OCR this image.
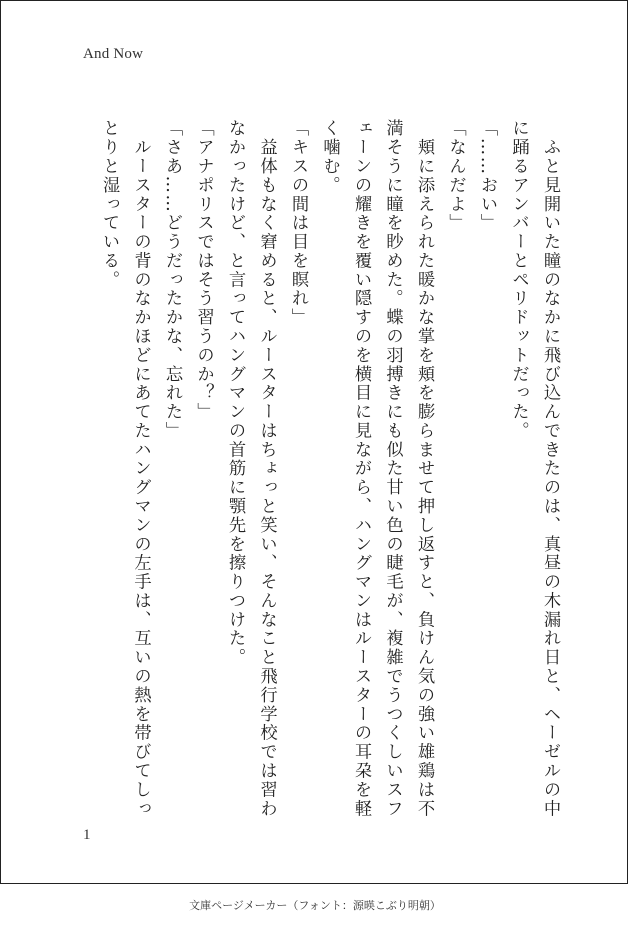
And Now

　ふと見開いた瞳のなかに飛び込んできたのは、真昼の木漏れ日と、ヘーゼルの中に踊るアンバーとペリドットだった。

「……おい」

「なんだよ」

　頬に添えられた暖かな掌を頬を膨らませて押し返すと、負けん気の強い雄鶏は不満そうに瞳を眇めた。蝶の羽搏きにも似た甘い色の睫毛が、複雑でうつくしいスフェーンの耀きを覆い隠すのを横目に見ながら、ハングマンはルースターの耳朶を軽く噛む。

「キスの間は目を瞑れ」

　益体もなく窘めると、ルースターはちょっと笑い、そんなこと飛行学校では習わなかったけど、と言ってハングマンの首筋に顎先を擦りつけた。

「アナポリスではそう習うのか？」

「さあ……どうだったかな、忘れた」

　ルースターの背のなかほどにあてたハングマンの左手は、互いの熱を帯びてしっとりと湿っている。

1
文庫ページメーカー（フォント：源暎こぶり明朝）
